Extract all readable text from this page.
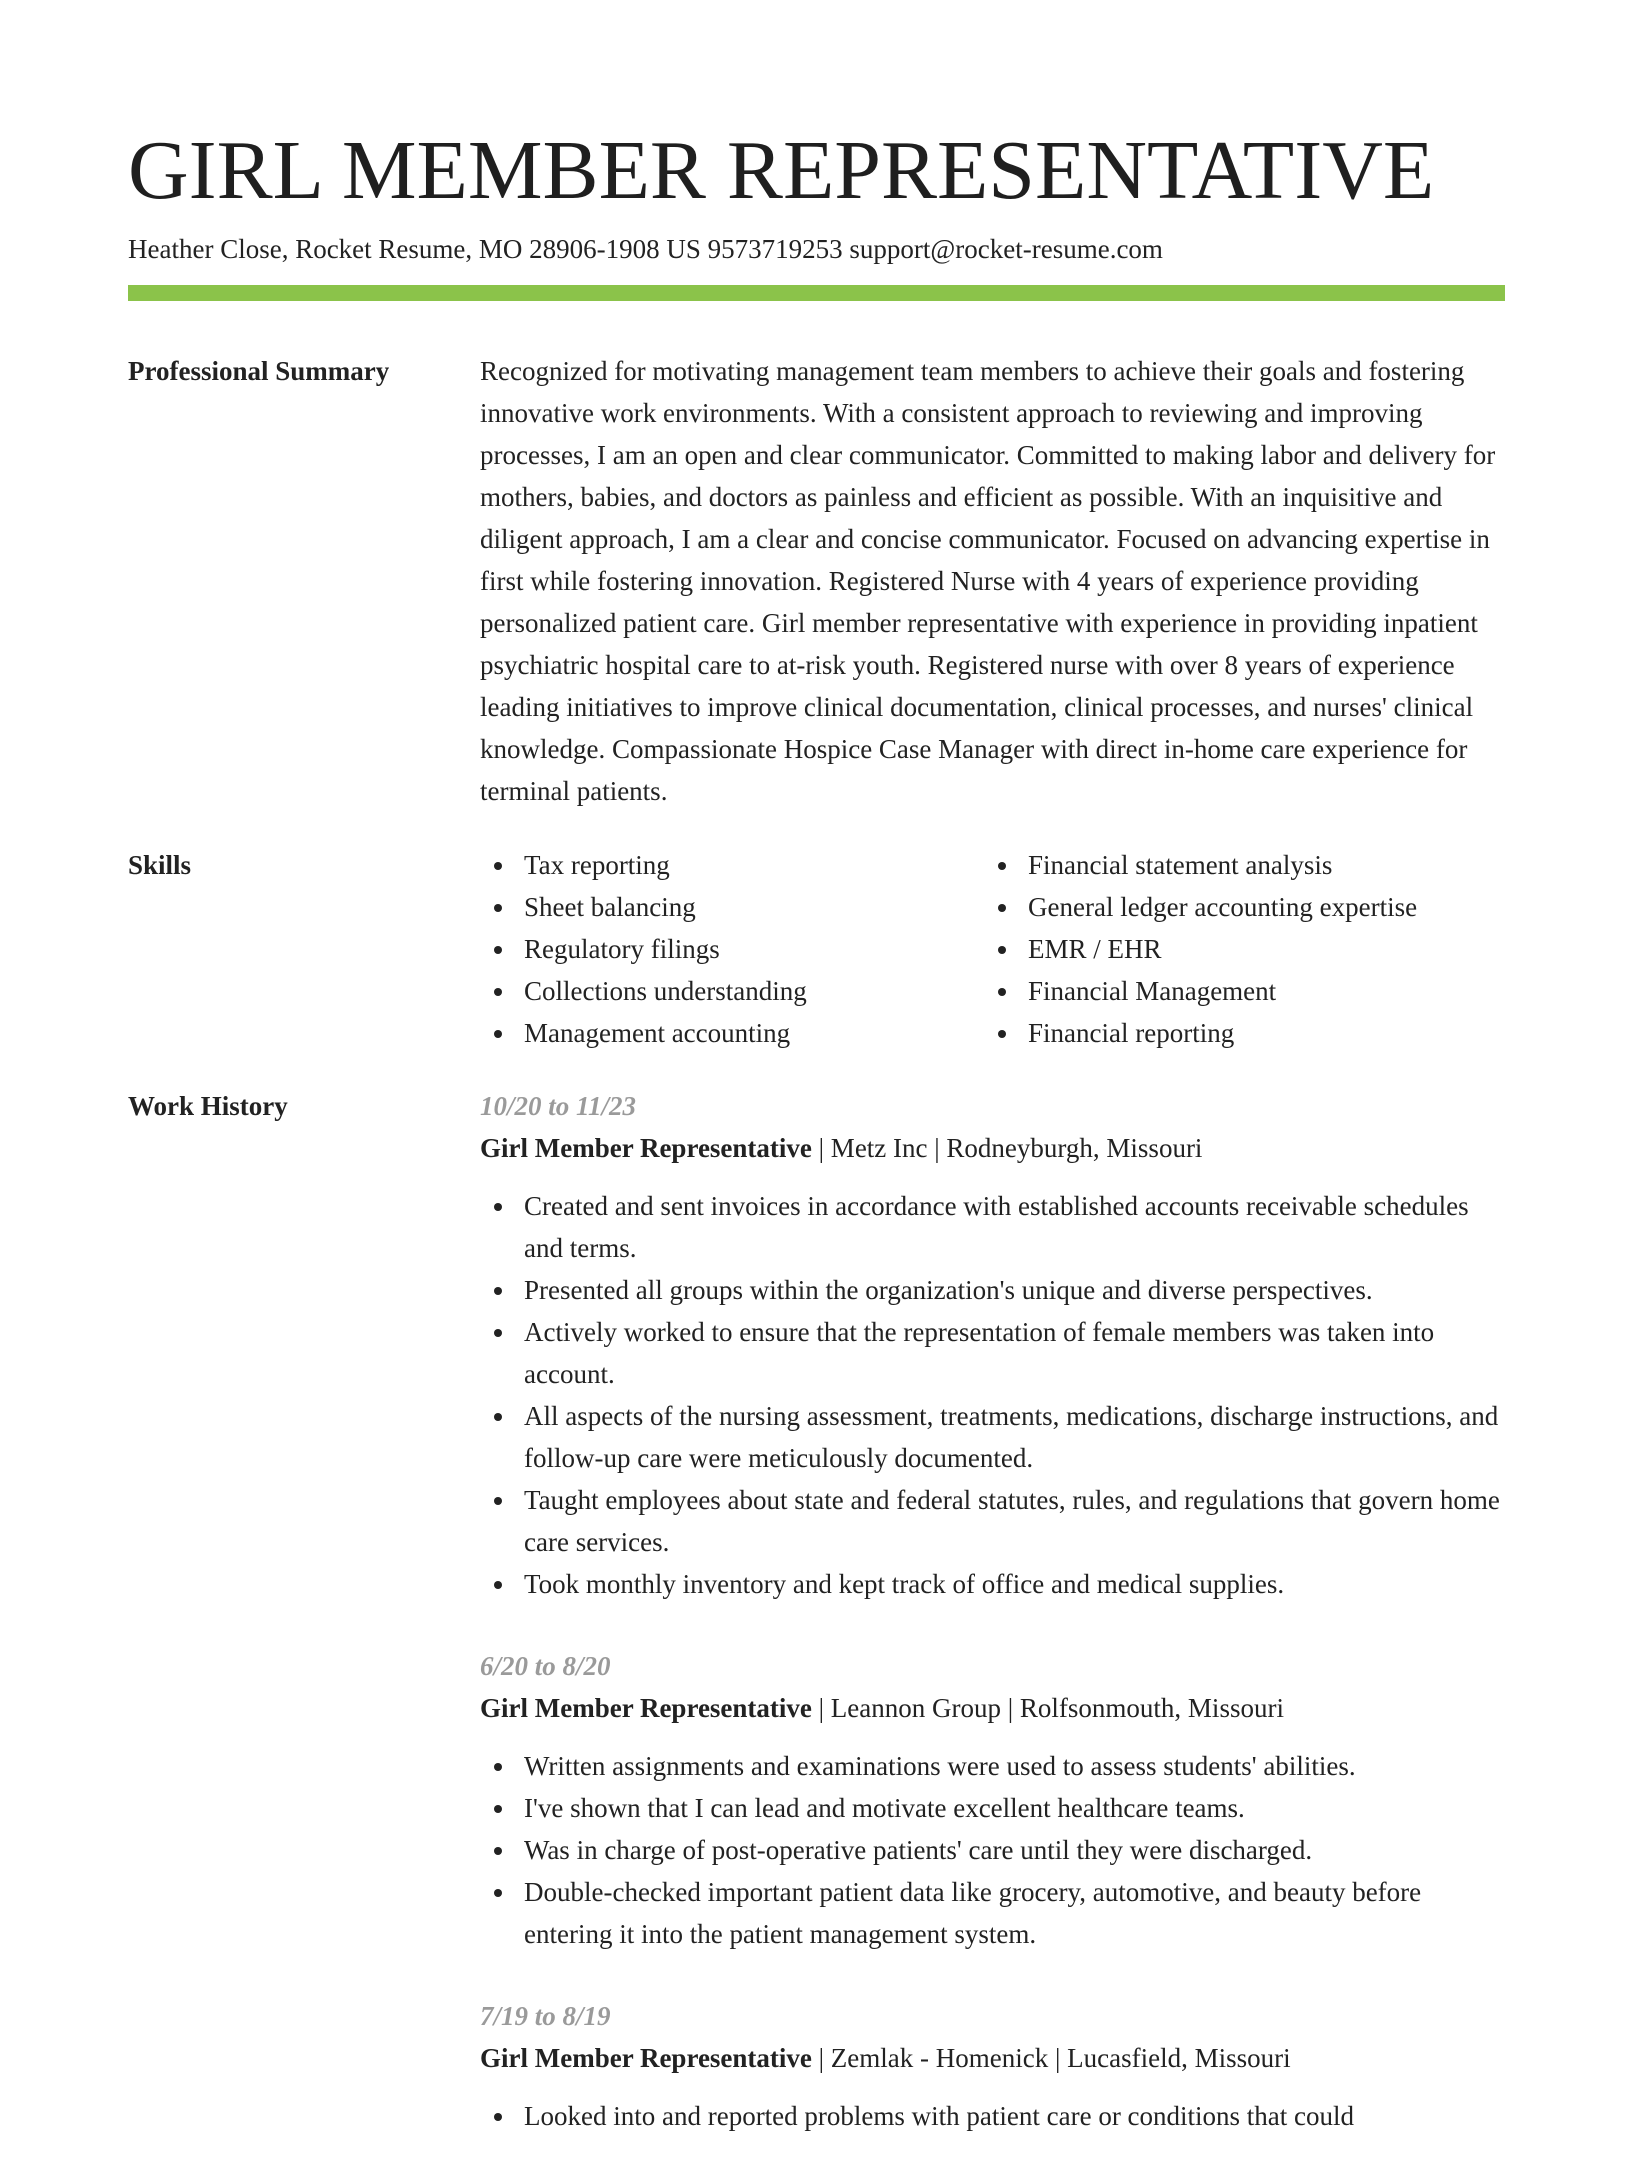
GIRL MEMBER REPRESENTATIVE
Heather Close, Rocket Resume, MO 28906-1908 US 9573719253 support@rocket-resume.com
Professional Summary	Recognized for motivating management team members to achieve their goals and fostering innovative work environments. With a consistent approach to reviewing and improving processes, I am an open and clear communicator. Committed to making labor and delivery for mothers, babies, and doctors as painless and efficient as possible. With an inquisitive and diligent approach, I am a clear and concise communicator. Focused on advancing expertise in first while fostering innovation. Registered Nurse with 4 years of experience providing personalized patient care. Girl member representative with experience in providing inpatient psychiatric hospital care to at-risk youth. Registered nurse with over 8 years of experience leading initiatives to improve clinical documentation, clinical processes, and nurses' clinical knowledge. Compassionate Hospice Case Manager with direct in-home care experience for terminal patients.

Skills	Tax reporting
Sheet balancing
Regulatory filings
Collections understanding
Management accounting
Financial statement analysis
General ledger accounting expertise
EMR / EHR
Financial Management
Financial reporting
Work History	10/20 to 11/23
Girl Member Representative | Metz Inc | Rodneyburgh, Missouri
Created and sent invoices in accordance with established accounts receivable schedules and terms.
Presented all groups within the organization's unique and diverse perspectives.
Actively worked to ensure that the representation of female members was taken into account.
All aspects of the nursing assessment, treatments, medications, discharge instructions, and follow-up care were meticulously documented.
Taught employees about state and federal statutes, rules, and regulations that govern home care services.
Took monthly inventory and kept track of office and medical supplies.
6/20 to 8/20
Girl Member Representative | Leannon Group | Rolfsonmouth, Missouri
Written assignments and examinations were used to assess students' abilities.
I've shown that I can lead and motivate excellent healthcare teams.
Was in charge of post-operative patients' care until they were discharged.
Double-checked important patient data like grocery, automotive, and beauty before entering it into the patient management system.
7/19 to 8/19
Girl Member Representative | Zemlak - Homenick | Lucasfield, Missouri
Looked into and reported problems with patient care or conditions that could
